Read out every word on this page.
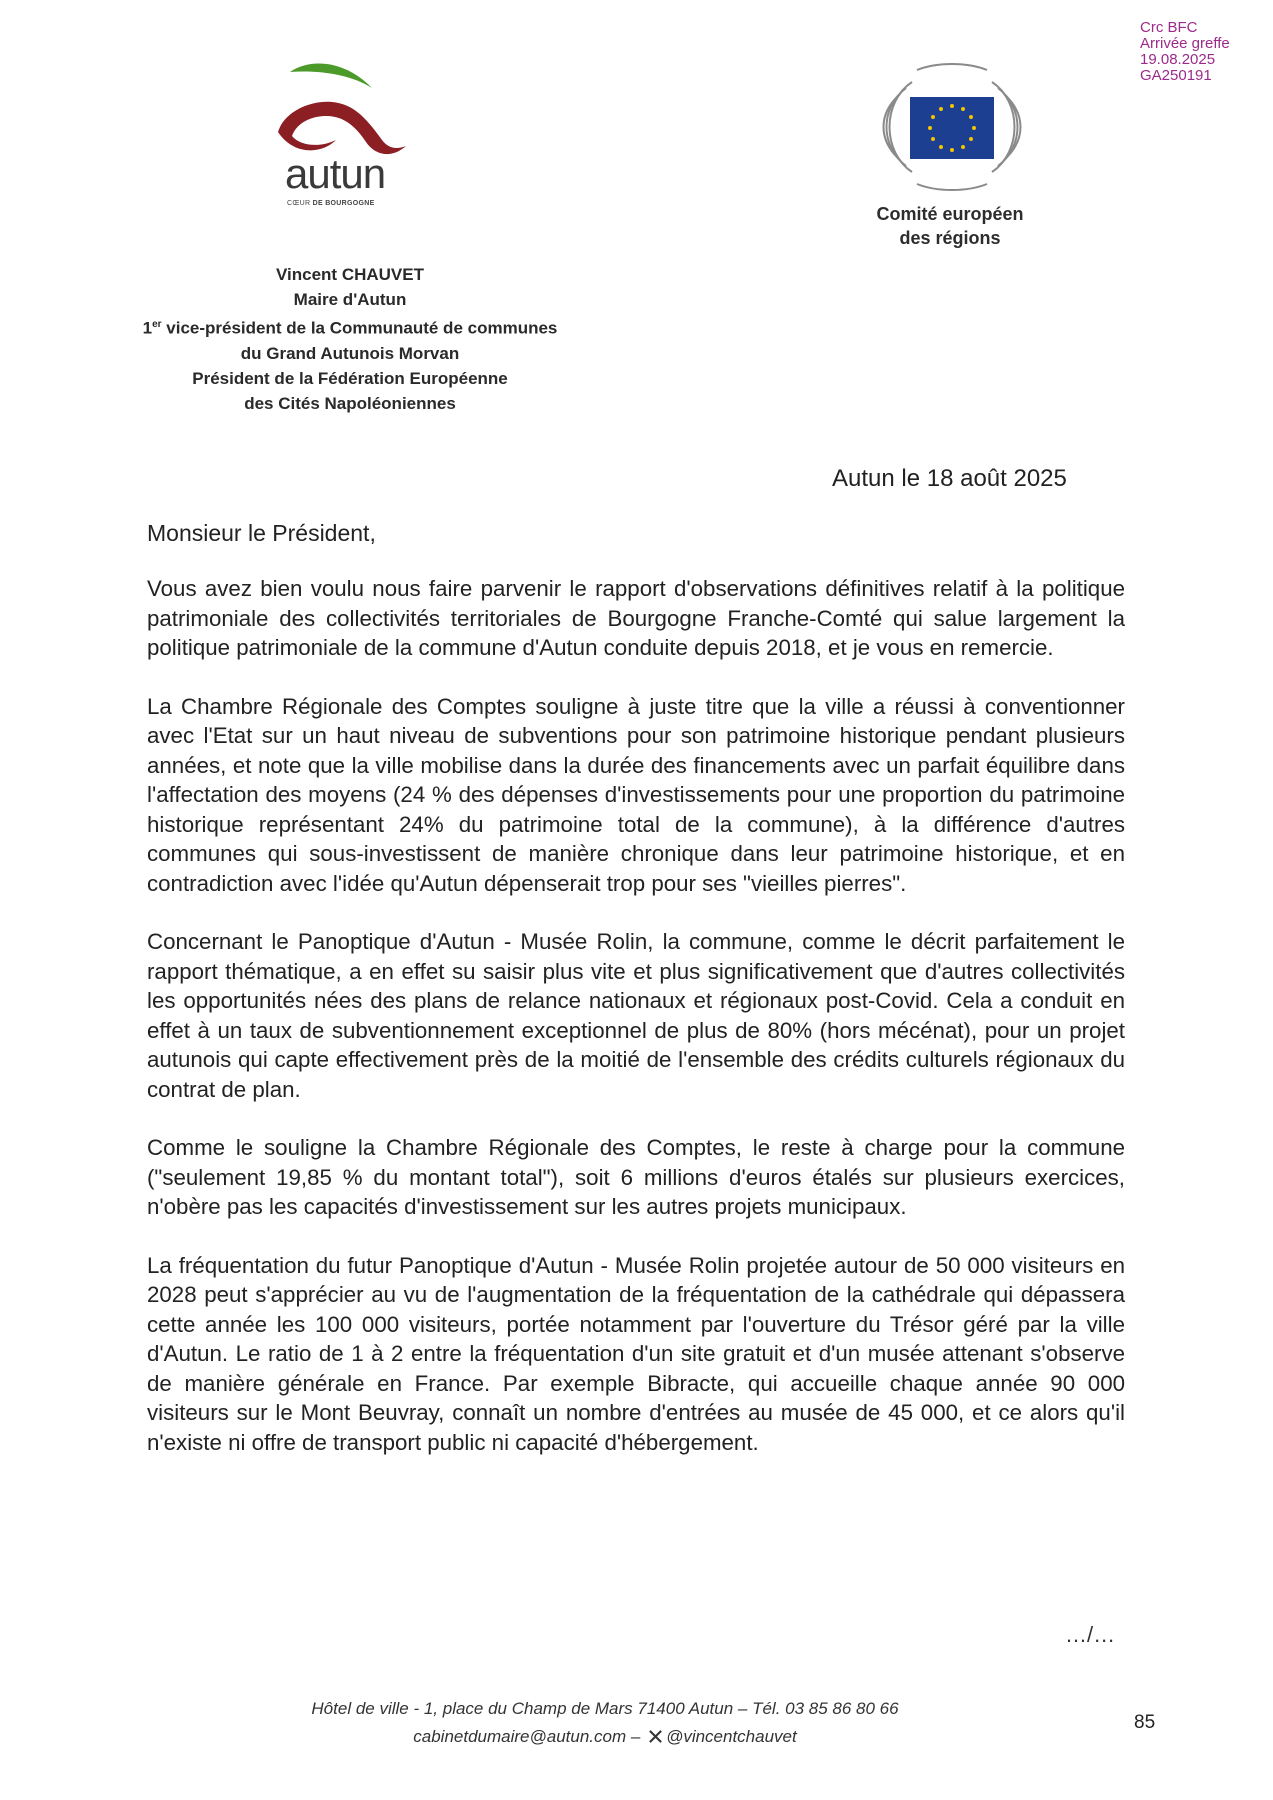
Crc BFC
Arrivée greffe
19.08.2025
GA250191
autun
CŒUR DE BOURGOGNE
Comité européen
des régions
Vincent CHAUVET
Maire d'Autun
1er vice-président de la Communauté de communes
du Grand Autunois Morvan
Président de la Fédération Européenne
des Cités Napoléoniennes
Autun le 18 août 2025
Monsieur le Président,

Vous avez bien voulu nous faire parvenir le rapport d'observations définitives relatif à la politique patrimoniale des collectivités territoriales de Bourgogne Franche-Comté qui salue largement la politique patrimoniale de la commune d'Autun conduite depuis 2018, et je vous en remercie.

La Chambre Régionale des Comptes souligne à juste titre que la ville a réussi à conventionner avec l'Etat sur un haut niveau de subventions pour son patrimoine historique pendant plusieurs années, et note que la ville mobilise dans la durée des financements avec un parfait équilibre dans l'affectation des moyens (24 % des dépenses d'investissements pour une proportion du patrimoine historique représentant 24% du patrimoine total de la commune), à la différence d'autres communes qui sous-investissent de manière chronique dans leur patrimoine historique, et en contradiction avec l'idée qu'Autun dépenserait trop pour ses "vieilles pierres".

Concernant le Panoptique d'Autun - Musée Rolin, la commune, comme le décrit parfaitement le rapport thématique, a en effet su saisir plus vite et plus significativement que d'autres collectivités les opportunités nées des plans de relance nationaux et régionaux post-Covid. Cela a conduit en effet à un taux de subventionnement exceptionnel de plus de 80% (hors mécénat), pour un projet autunois qui capte effectivement près de la moitié de l'ensemble des crédits culturels régionaux du contrat de plan.

Comme le souligne la Chambre Régionale des Comptes, le reste à charge pour la commune ("seulement 19,85 % du montant total"), soit 6 millions d'euros étalés sur plusieurs exercices, n'obère pas les capacités d'investissement sur les autres projets municipaux.

La fréquentation du futur Panoptique d'Autun - Musée Rolin projetée autour de 50 000 visiteurs en 2028 peut s'apprécier au vu de l'augmentation de la fréquentation de la cathédrale qui dépassera cette année les 100 000 visiteurs, portée notamment par l'ouverture du Trésor géré par la ville d'Autun. Le ratio de 1 à 2 entre la fréquentation d'un site gratuit et d'un musée attenant s'observe de manière générale en France. Par exemple Bibracte, qui accueille chaque année 90 000 visiteurs sur le Mont Beuvray, connaît un nombre d'entrées au musée de 45 000, et ce alors qu'il n'existe ni offre de transport public ni capacité d'hébergement.

…/…
Hôtel de ville - 1, place du Champ de Mars 71400 Autun – Tél. 03 85 86 80 66
cabinetdumaire@autun.com – @vincentchauvet
85
